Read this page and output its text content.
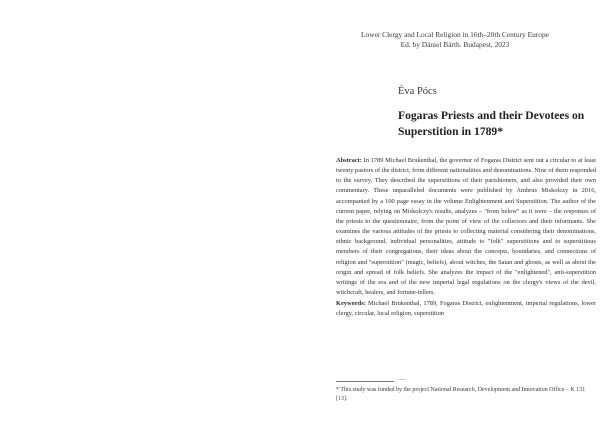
Lower Clergy and Local Religion in 16th–20th Century Europe
Ed. by Dániel Bárth. Budapest, 2023
Éva Pócs
Fogaras Priests and their Devotees on Superstition in 1789*
Abstract: In 1789 Michael Brukenthal, the governor of Fogaras District sent out a circular to at least twenty pastors of the district, from different nationalities and denominations. Nine of them responded to the survey. They described the superstitions of their parishioners, and also provided their own commentary. These unparalleled documents were published by Ambrus Miskolczy in 2016, accompanied by a 100 page essay in the volume Enlightenment and Superstition. The author of the current paper, relying on Miskolczy's results, analyzes – "from below" as it were – the responses of the priests to the questionnaire, from the point of view of the collectors and their informants. She examines the various attitudes of the priests to collecting material considering their denominations, ethnic background, individual personalities, attitude to "folk" superstitions and to superstitious members of their congregations, their ideas about the concepts, boundaries, and connections of religion and "superstition" (magic, beliefs), about witches, the Satan and ghosts, as well as about the origin and spread of folk beliefs. She analyzes the impact of the "enlightened", anti-superstition writings of the era and of the new imperial legal regulations on the clergy's views of the devil, witchcraft, healers, and fortune-tellers.
Keywords: Michael Brukenthal, 1789, Fogaras District, enlightenment, imperial regulations, lower clergy, circular, local religion, superstition
—
* This study was funded by the project National Research, Development and Innovation Office – K 131 [13].
